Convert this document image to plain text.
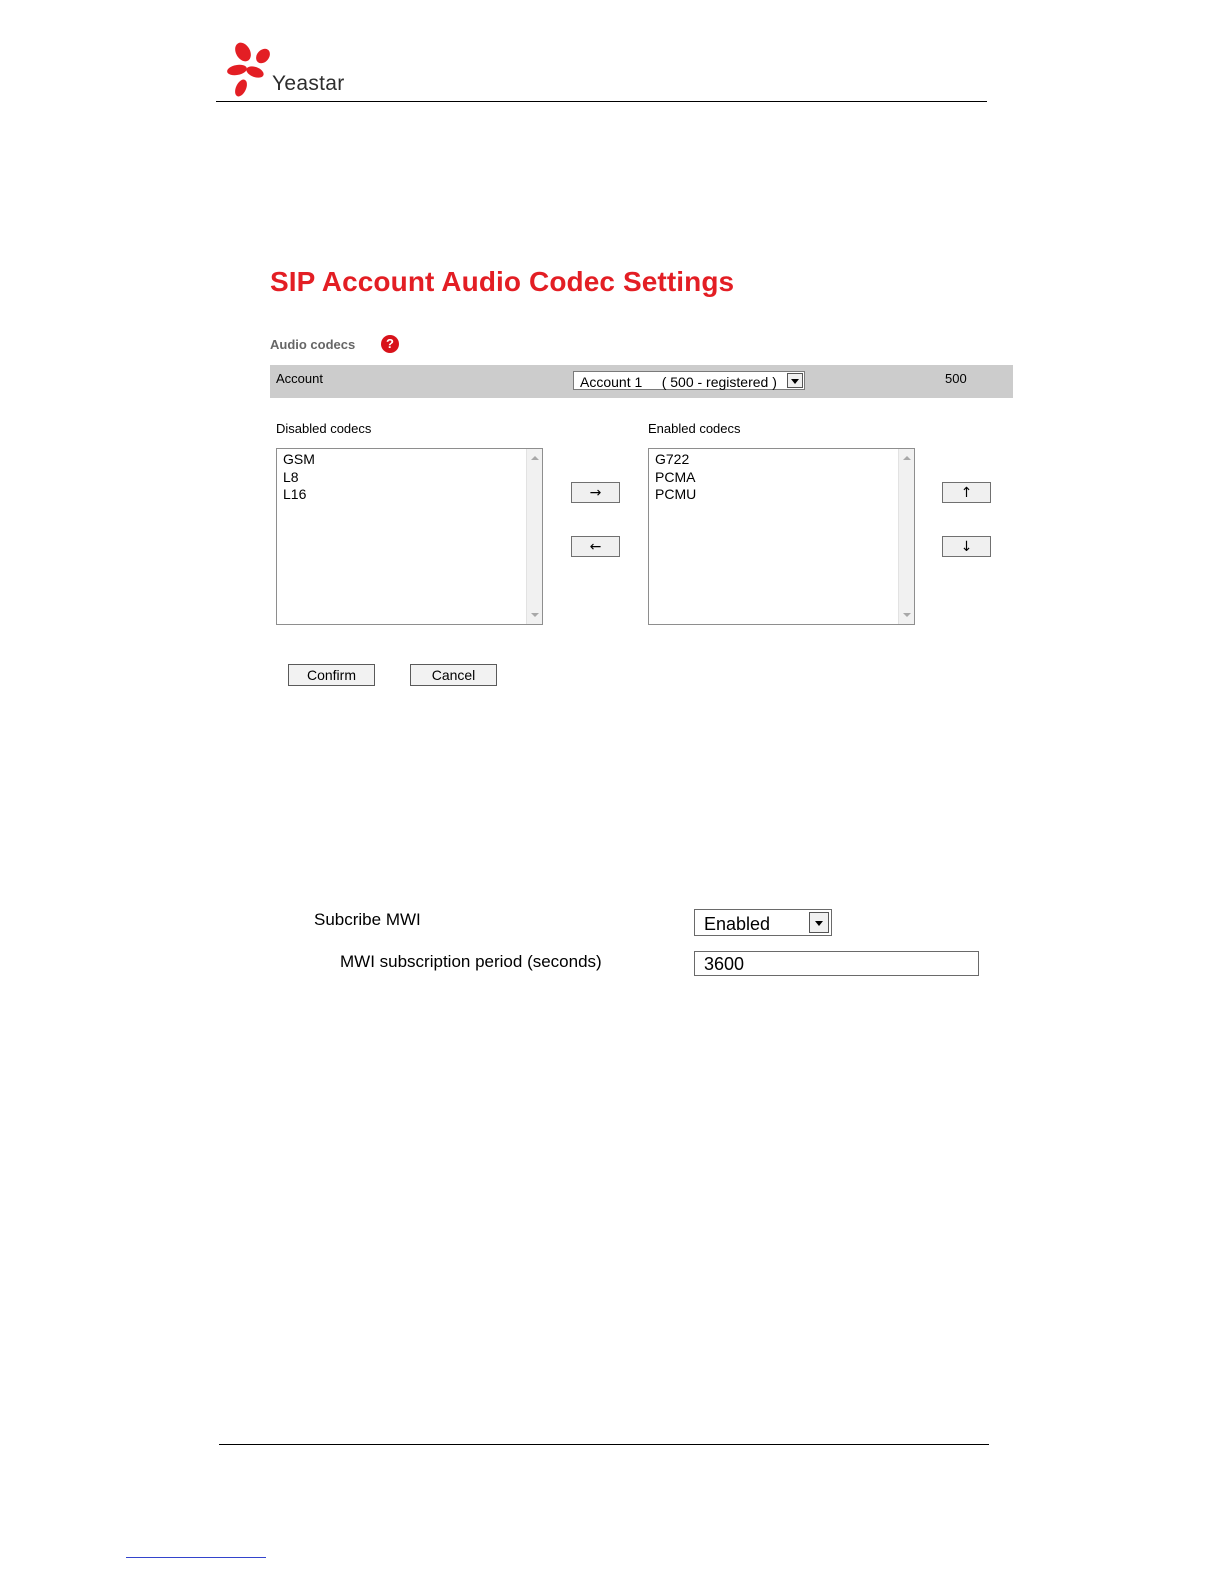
Yeastar
SIP Account Audio Codec Settings
Audio codecs	?
Account	Account 1     ( 500 - registered )	500
Disabled codecs	Enabled codecs
GSM
L8
L16
G722
PCMA
PCMU
→
←
↑
↓
Confirm	Cancel
Subcribe MWI	Enabled
MWI subscription period (seconds)	3600
